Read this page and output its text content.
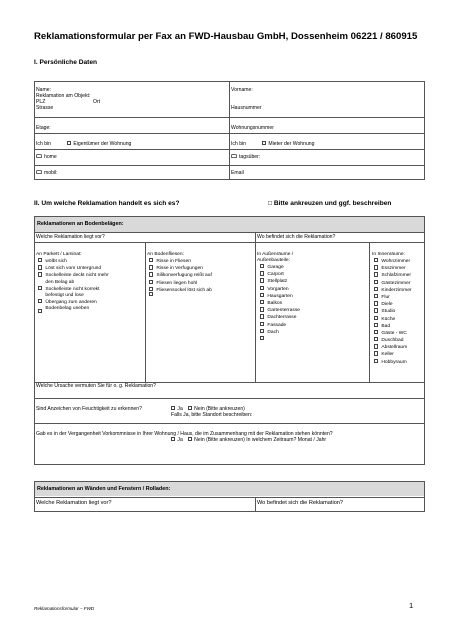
Reklamationsformular per Fax an FWD-Hausbau GmbH, Dossenheim 06221 / 860915
I. Persönliche Daten
Name:	Vorname:
Reklamation am Objekt:
PLZ	Ort
Strasse	Hausnummer
Etage:	Wohnungsnummer
Ich bin	Eigentümer der Wohnung	Ich bin	Mieter der Wohnung
home	tagsüber:
mobil:	Email
II. Um welche Reklamation handelt es sich es?	□ Bitte ankreuzen und ggf. beschreiben
Reklamationen an Bodenbelägen:
Welche Reklamation liegt vor?	Wo befindet sich die Reklamation?
An Parkett / Laminat:
wölbt sich
Löst sich vom Untergrund
Sockelleiste deckt nicht mehr
den Belag ab
Sockelleiste nicht korrekt
befestigt und lose
Übergang zum anderen
Bodenbelag uneben
An Bodenfliesen:
Risse in Fliesen
Risse in Verfugungen
Silikonverfugung reißt auf
Fliesen liegen hohl
Fliesensockel löst sich ab
In Außenräume /
Außenbauteile:
Garage
Carport
Stellplatz
Vorgarten
Hausgarten
Balkon
Gartenterrasse
Dachterrasse
Fassade
Dach
In Innenräume:
Wohnzimmer
Esszimmer
Schlafzimmer
Gästezimmer
Kinderzimmer
Flur
Diele
Studio
Küche
Bad
Gäste - WC
Duschbad
Abstellraum
Keller
Hobbyraum
Welche Ursache vermuten Sie für o. g. Reklamation?
Sind Anzeichen von Feuchtigkeit zu erkennen?	Ja Nein (Bitte ankreuzen)
Falls Ja, bitte Standort beschreiben:
Gab es in der Vergangenheit Vorkommnisse in Ihrer Wohnung / Haus, die im Zusammenhang mit der Reklamation stehen könnten?
Ja Nein (Bitte ankreuzen) In welchem Zeitraum? Monat / Jahr
Reklamationen an Wänden und Fenstern / Rolladen:
Welche Reklamation liegt vor?	Wo befindet sich die Reklamation?
Reklamationsformular – FWD	1
